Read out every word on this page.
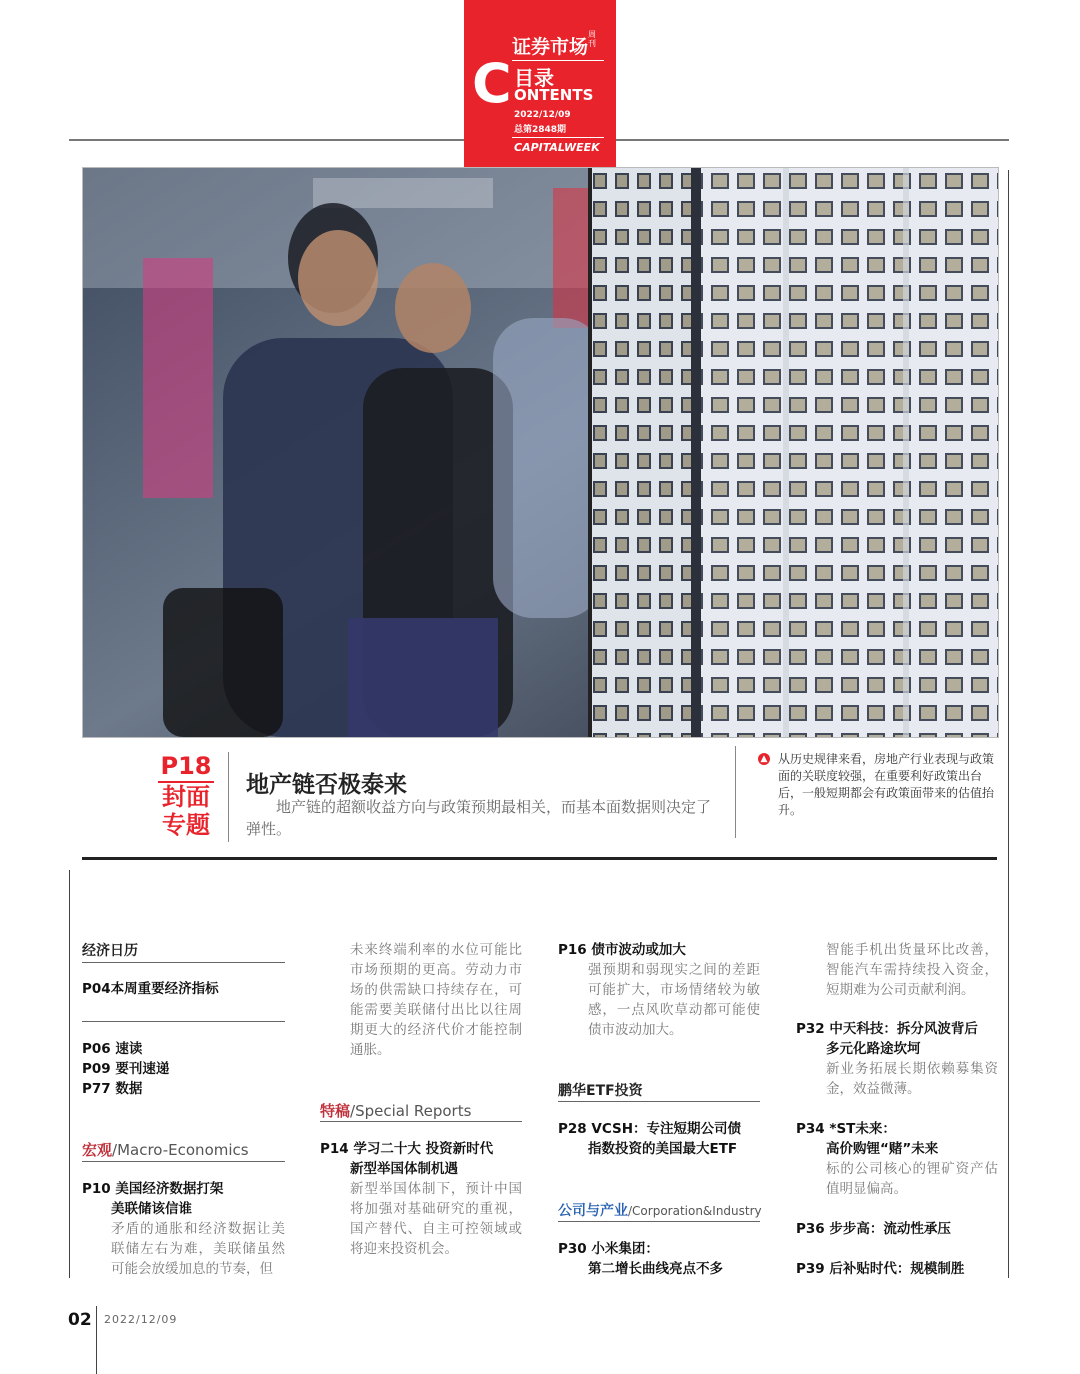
证券市场
周刊
C 目录
ONTENTS
2022/12/09
总第2848期
CAPITALWEEK
P18
封面
专题
地产链否极泰来
地产链的超额收益方向与政策预期最相关，而基本面数据则决定了弹性。
▲ 从历史规律来看，房地产行业表现与政策面的关联度较强，在重要利好政策出台后，一般短期都会有政策面带来的估值抬升。
经济日历
P04本周重要经济指标
P06 速读
P09 要刊速递
P77 数据
宏观/Macro-Economics
P10 美国经济数据打架
美联储该信谁
矛盾的通胀和经济数据让美联储左右为难，美联储虽然可能会放缓加息的节奏，但
未来终端利率的水位可能比市场预期的更高。劳动力市场的供需缺口持续存在，可能需要美联储付出比以往周期更大的经济代价才能控制通胀。
特稿/Special Reports
P14 学习二十大 投资新时代
新型举国体制机遇
新型举国体制下，预计中国将加强对基础研究的重视，国产替代、自主可控领域或将迎来投资机会。
P16 债市波动或加大
强预期和弱现实之间的差距可能扩大，市场情绪较为敏感，一点风吹草动都可能使债市波动加大。
鹏华ETF投资
P28 VCSH：专注短期公司债
指数投资的美国最大ETF
公司与产业/Corporation&Industry
P30 小米集团：
第二增长曲线亮点不多
智能手机出货量环比改善，智能汽车需持续投入资金，短期难为公司贡献利润。
P32 中天科技：拆分风波背后
多元化路途坎坷
新业务拓展长期依赖募集资金，效益微薄。
P34 *ST未来：
高价购锂“赌”未来
标的公司核心的锂矿资产估值明显偏高。
P36 步步高：流动性承压
P39 后补贴时代：规模制胜
02 2022/12/09
